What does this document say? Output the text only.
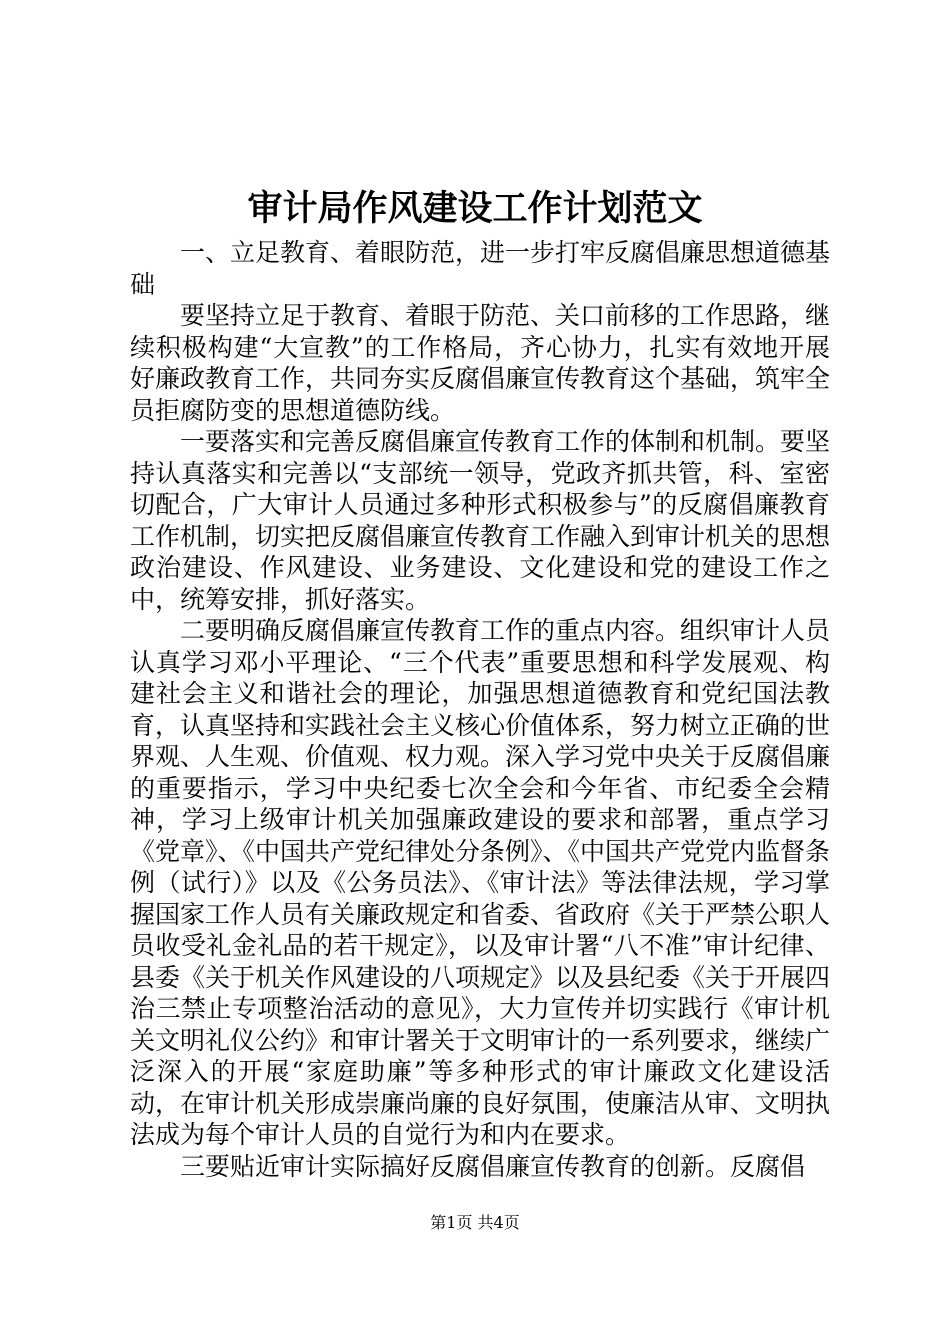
审计局作风建设工作计划范文

一、立足教育、着眼防范，进一步打牢反腐倡廉思想道德基础

要坚持立足于教育、着眼于防范、关口前移的工作思路，继续积极构建“大宣教”的工作格局，齐心协力，扎实有效地开展好廉政教育工作，共同夯实反腐倡廉宣传教育这个基础，筑牢全员拒腐防变的思想道德防线。

一要落实和完善反腐倡廉宣传教育工作的体制和机制。要坚持认真落实和完善以“支部统一领导，党政齐抓共管，科、室密切配合，广大审计人员通过多种形式积极参与”的反腐倡廉教育工作机制，切实把反腐倡廉宣传教育工作融入到审计机关的思想政治建设、作风建设、业务建设、文化建设和党的建设工作之中，统筹安排，抓好落实。

二要明确反腐倡廉宣传教育工作的重点内容。组织审计人员认真学习邓小平理论、“三个代表”重要思想和科学发展观、构建社会主义和谐社会的理论，加强思想道德教育和党纪国法教育，认真坚持和实践社会主义核心价值体系，努力树立正确的世界观、人生观、价值观、权力观。深入学习党中央关于反腐倡廉的重要指示，学习中央纪委七次全会和今年省、市纪委全会精神，学习上级审计机关加强廉政建设的要求和部署，重点学习《党章》、《中国共产党纪律处分条例》、《中国共产党党内监督条例（试行）》以及《公务员法》、《审计法》等法律法规，学习掌握国家工作人员有关廉政规定和省委、省政府《关于严禁公职人员收受礼金礼品的若干规定》，以及审计署“八不准”审计纪律、县委《关于机关作风建设的八项规定》以及县纪委《关于开展四治三禁止专项整治活动的意见》，大力宣传并切实践行《审计机关文明礼仪公约》和审计署关于文明审计的一系列要求，继续广泛深入的开展“家庭助廉”等多种形式的审计廉政文化建设活动，在审计机关形成崇廉尚廉的良好氛围，使廉洁从审、文明执法成为每个审计人员的自觉行为和内在要求。

三要贴近审计实际搞好反腐倡廉宣传教育的创新。反腐倡

第1页 共4页
